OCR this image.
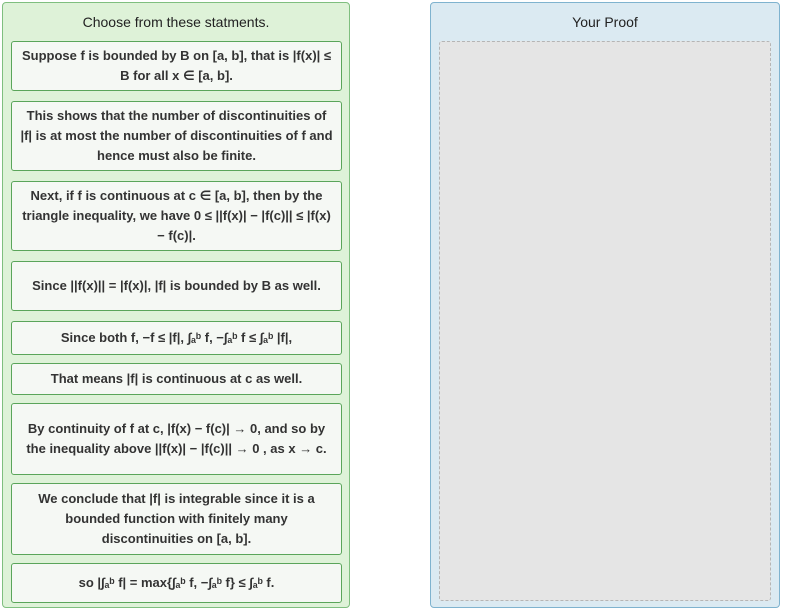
Choose from these statments.
Suppose f is bounded by B on [a, b], that is |f(x)| ≤ B for all x ∈ [a, b].
This shows that the number of discontinuities of |f| is at most the number of discontinuities of f and hence must also be finite.
Next, if f is continuous at c ∈ [a, b], then by the triangle inequality, we have 0 ≤ ||f(x)| − |f(c)|| ≤ |f(x) − f(c)|.
Since ||f(x)|| = |f(x)|, |f| is bounded by B as well.
Since both f, −f ≤ |f|, ∫ₐᵇ f, −∫ₐᵇ f ≤ ∫ₐᵇ |f|,
That means |f| is continuous at c as well.
By continuity of f at c, |f(x) − f(c)| → 0, and so by the inequality above ||f(x)| − |f(c)|| → 0 , as x → c.
We conclude that |f| is integrable since it is a bounded function with finitely many discontinuities on [a, b].
so |∫ₐᵇ f| = max{∫ₐᵇ f, −∫ₐᵇ f} ≤ ∫ₐᵇ f.
Your Proof
